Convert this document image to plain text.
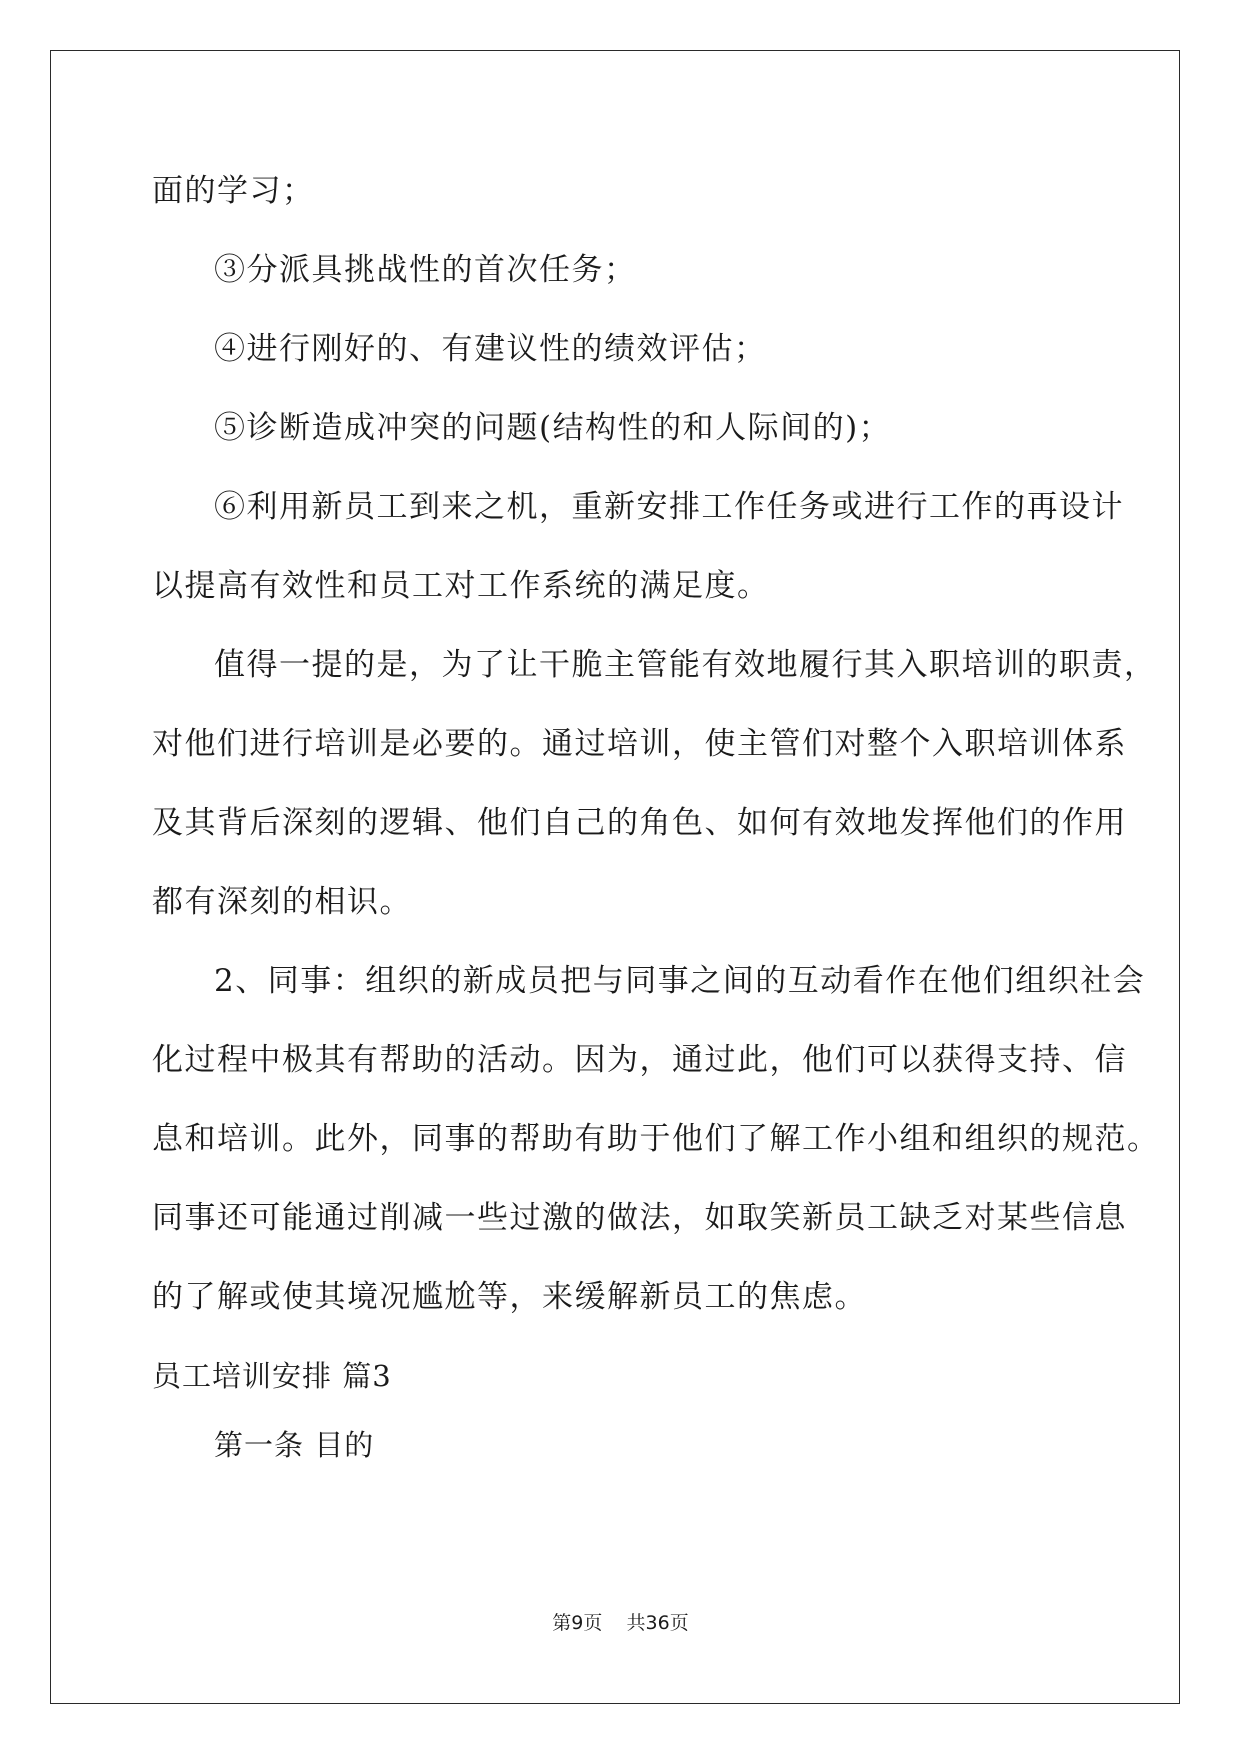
面的学习；
③分派具挑战性的首次任务；
④进行刚好的、有建议性的绩效评估；
⑤诊断造成冲突的问题(结构性的和人际间的)；
⑥利用新员工到来之机，重新安排工作任务或进行工作的再设计
以提高有效性和员工对工作系统的满足度。
值得一提的是，为了让干脆主管能有效地履行其入职培训的职责，
对他们进行培训是必要的。通过培训，使主管们对整个入职培训体系
及其背后深刻的逻辑、他们自己的角色、如何有效地发挥他们的作用
都有深刻的相识。
2、同事：组织的新成员把与同事之间的互动看作在他们组织社会
化过程中极其有帮助的活动。因为，通过此，他们可以获得支持、信
息和培训。此外，同事的帮助有助于他们了解工作小组和组织的规范。
同事还可能通过削减一些过激的做法，如取笑新员工缺乏对某些信息
的了解或使其境况尴尬等，来缓解新员工的焦虑。
员工培训安排 篇3
第一条 目的
第9页    共36页
